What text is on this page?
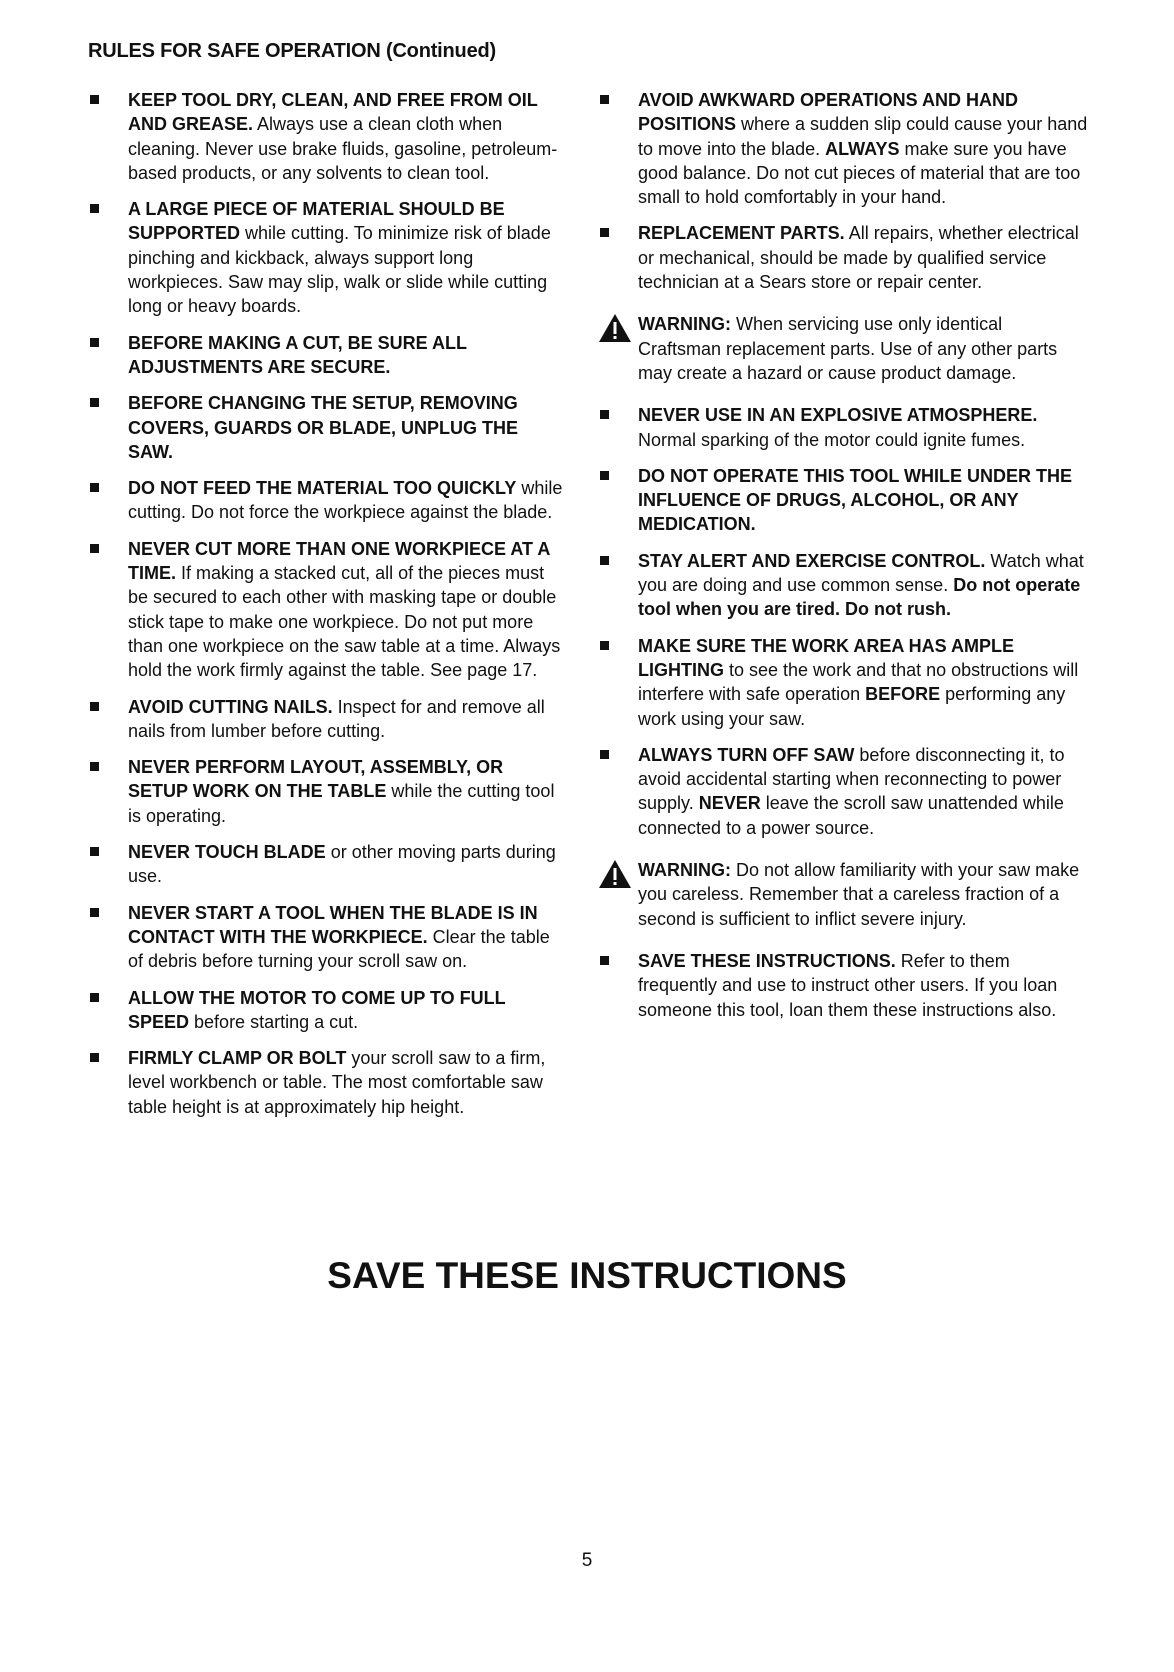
RULES FOR SAFE OPERATION (Continued)
KEEP TOOL DRY, CLEAN, AND FREE FROM OIL AND GREASE. Always use a clean cloth when cleaning. Never use brake fluids, gasoline, petroleum-based products, or any solvents to clean tool.
A LARGE PIECE OF MATERIAL SHOULD BE SUPPORTED while cutting. To minimize risk of blade pinching and kickback, always support long workpieces. Saw may slip, walk or slide while cutting long or heavy boards.
BEFORE MAKING A CUT, BE SURE ALL ADJUSTMENTS ARE SECURE.
BEFORE CHANGING THE SETUP, REMOVING COVERS, GUARDS OR BLADE, UNPLUG THE SAW.
DO NOT FEED THE MATERIAL TOO QUICKLY while cutting. Do not force the workpiece against the blade.
NEVER CUT MORE THAN ONE WORKPIECE AT A TIME. If making a stacked cut, all of the pieces must be secured to each other with masking tape or double stick tape to make one workpiece. Do not put more than one workpiece on the saw table at a time. Always hold the work firmly against the table. See page 17.
AVOID CUTTING NAILS. Inspect for and remove all nails from lumber before cutting.
NEVER PERFORM LAYOUT, ASSEMBLY, OR SETUP WORK ON THE TABLE while the cutting tool is operating.
NEVER TOUCH BLADE or other moving parts during use.
NEVER START A TOOL WHEN THE BLADE IS IN CONTACT WITH THE WORKPIECE. Clear the table of debris before turning your scroll saw on.
ALLOW THE MOTOR TO COME UP TO FULL SPEED before starting a cut.
FIRMLY CLAMP OR BOLT your scroll saw to a firm, level workbench or table. The most comfortable saw table height is at approximately hip height.
AVOID AWKWARD OPERATIONS AND HAND POSITIONS where a sudden slip could cause your hand to move into the blade. ALWAYS make sure you have good balance. Do not cut pieces of material that are too small to hold comfortably in your hand.
REPLACEMENT PARTS. All repairs, whether electrical or mechanical, should be made by qualified service technician at a Sears store or repair center.
WARNING: When servicing use only identical Craftsman replacement parts. Use of any other parts may create a hazard or cause product damage.
NEVER USE IN AN EXPLOSIVE ATMOSPHERE. Normal sparking of the motor could ignite fumes.
DO NOT OPERATE THIS TOOL WHILE UNDER THE INFLUENCE OF DRUGS, ALCOHOL, OR ANY MEDICATION.
STAY ALERT AND EXERCISE CONTROL. Watch what you are doing and use common sense. Do not operate tool when you are tired. Do not rush.
MAKE SURE THE WORK AREA HAS AMPLE LIGHTING to see the work and that no obstructions will interfere with safe operation BEFORE performing any work using your saw.
ALWAYS TURN OFF SAW before disconnecting it, to avoid accidental starting when reconnecting to power supply. NEVER leave the scroll saw unattended while connected to a power source.
WARNING: Do not allow familiarity with your saw make you careless. Remember that a careless fraction of a second is sufficient to inflict severe injury.
SAVE THESE INSTRUCTIONS. Refer to them frequently and use to instruct other users. If you loan someone this tool, loan them these instructions also.
SAVE THESE INSTRUCTIONS
5
